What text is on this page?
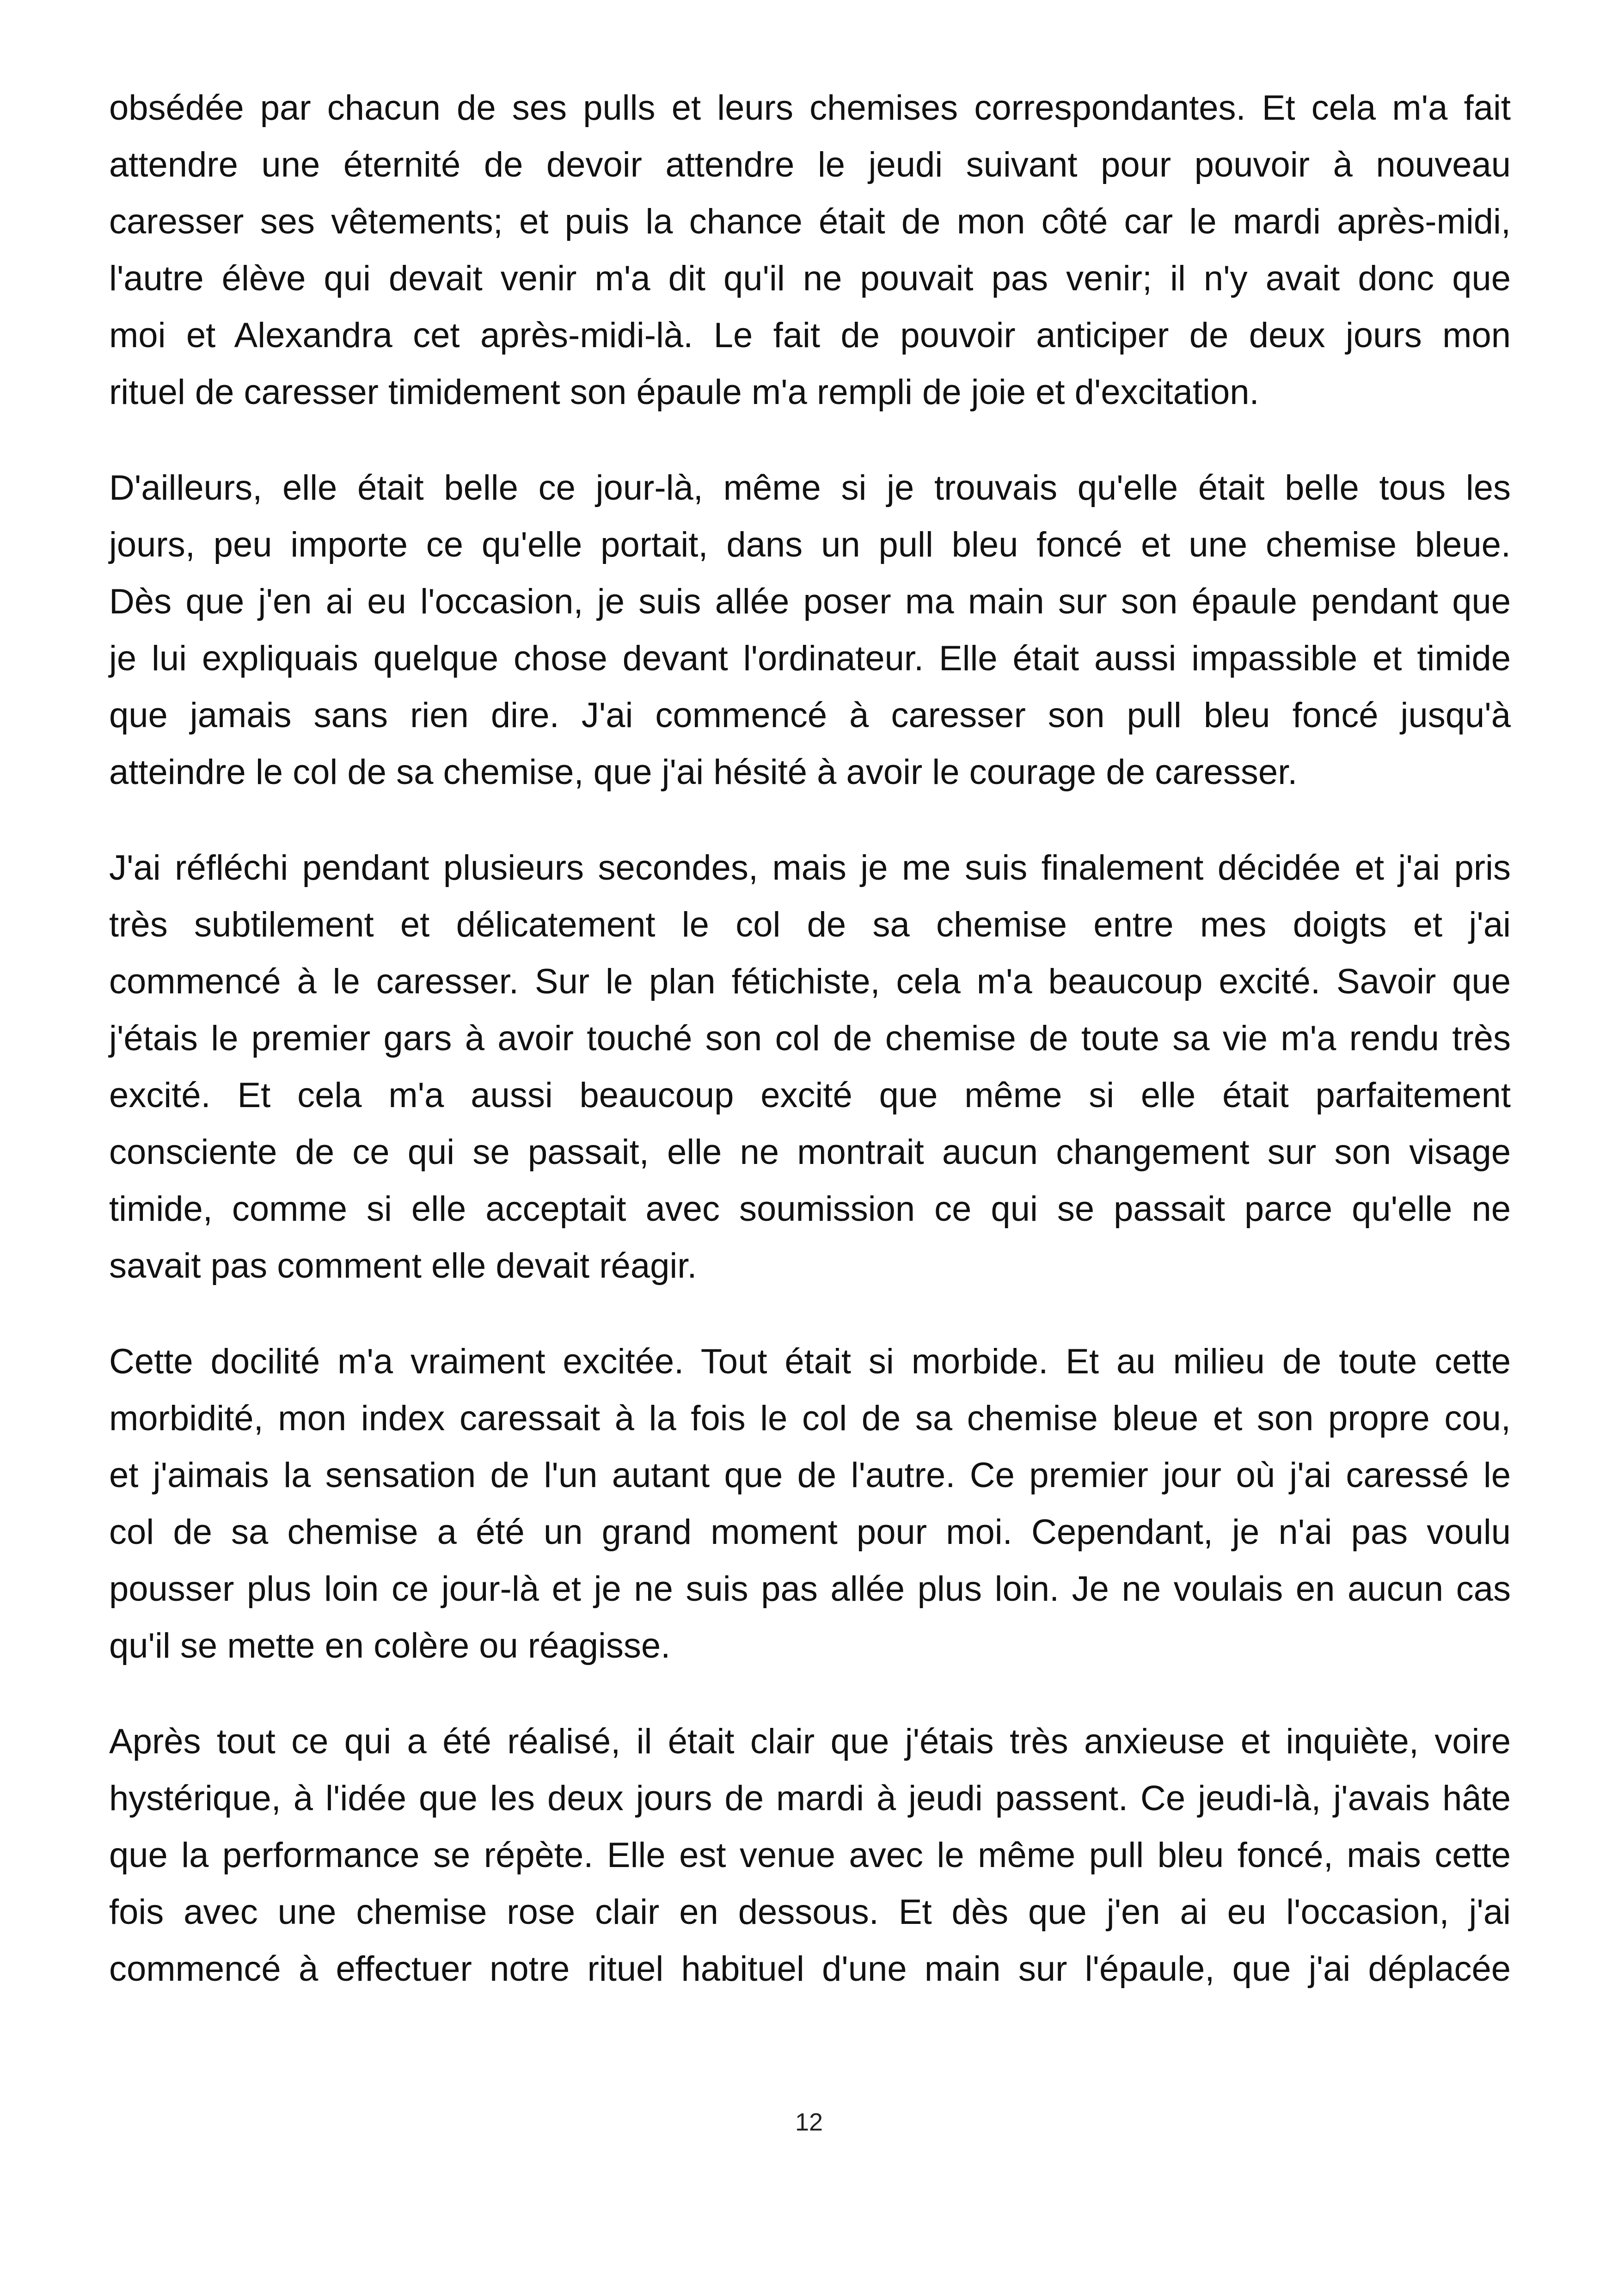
obsédée par chacun de ses pulls et leurs chemises correspondantes. Et cela m'a fait
attendre une éternité de devoir attendre le jeudi suivant pour pouvoir à nouveau
caresser ses vêtements; et puis la chance était de mon côté car le mardi après-midi,
l'autre élève qui devait venir m'a dit qu'il ne pouvait pas venir; il n'y avait donc que
moi et Alexandra cet après-midi-là. Le fait de pouvoir anticiper de deux jours mon
rituel de caresser timidement son épaule m'a rempli de joie et d'excitation.

D'ailleurs, elle était belle ce jour-là, même si je trouvais qu'elle était belle tous les
jours, peu importe ce qu'elle portait, dans un pull bleu foncé et une chemise bleue.
Dès que j'en ai eu l'occasion, je suis allée poser ma main sur son épaule pendant que
je lui expliquais quelque chose devant l'ordinateur. Elle était aussi impassible et timide
que jamais sans rien dire. J'ai commencé à caresser son pull bleu foncé jusqu'à
atteindre le col de sa chemise, que j'ai hésité à avoir le courage de caresser.

J'ai réfléchi pendant plusieurs secondes, mais je me suis finalement décidée et j'ai pris
très subtilement et délicatement le col de sa chemise entre mes doigts et j'ai
commencé à le caresser. Sur le plan fétichiste, cela m'a beaucoup excité. Savoir que
j'étais le premier gars à avoir touché son col de chemise de toute sa vie m'a rendu très
excité. Et cela m'a aussi beaucoup excité que même si elle était parfaitement
consciente de ce qui se passait, elle ne montrait aucun changement sur son visage
timide, comme si elle acceptait avec soumission ce qui se passait parce qu'elle ne
savait pas comment elle devait réagir.

Cette docilité m'a vraiment excitée. Tout était si morbide. Et au milieu de toute cette
morbidité, mon index caressait à la fois le col de sa chemise bleue et son propre cou,
et j'aimais la sensation de l'un autant que de l'autre. Ce premier jour où j'ai caressé le
col de sa chemise a été un grand moment pour moi. Cependant, je n'ai pas voulu
pousser plus loin ce jour-là et je ne suis pas allée plus loin. Je ne voulais en aucun cas
qu'il se mette en colère ou réagisse.

Après tout ce qui a été réalisé, il était clair que j'étais très anxieuse et inquiète, voire
hystérique, à l'idée que les deux jours de mardi à jeudi passent. Ce jeudi-là, j'avais hâte
que la performance se répète. Elle est venue avec le même pull bleu foncé, mais cette
fois avec une chemise rose clair en dessous. Et dès que j'en ai eu l'occasion, j'ai
commencé à effectuer notre rituel habituel d'une main sur l'épaule, que j'ai déplacée

12
